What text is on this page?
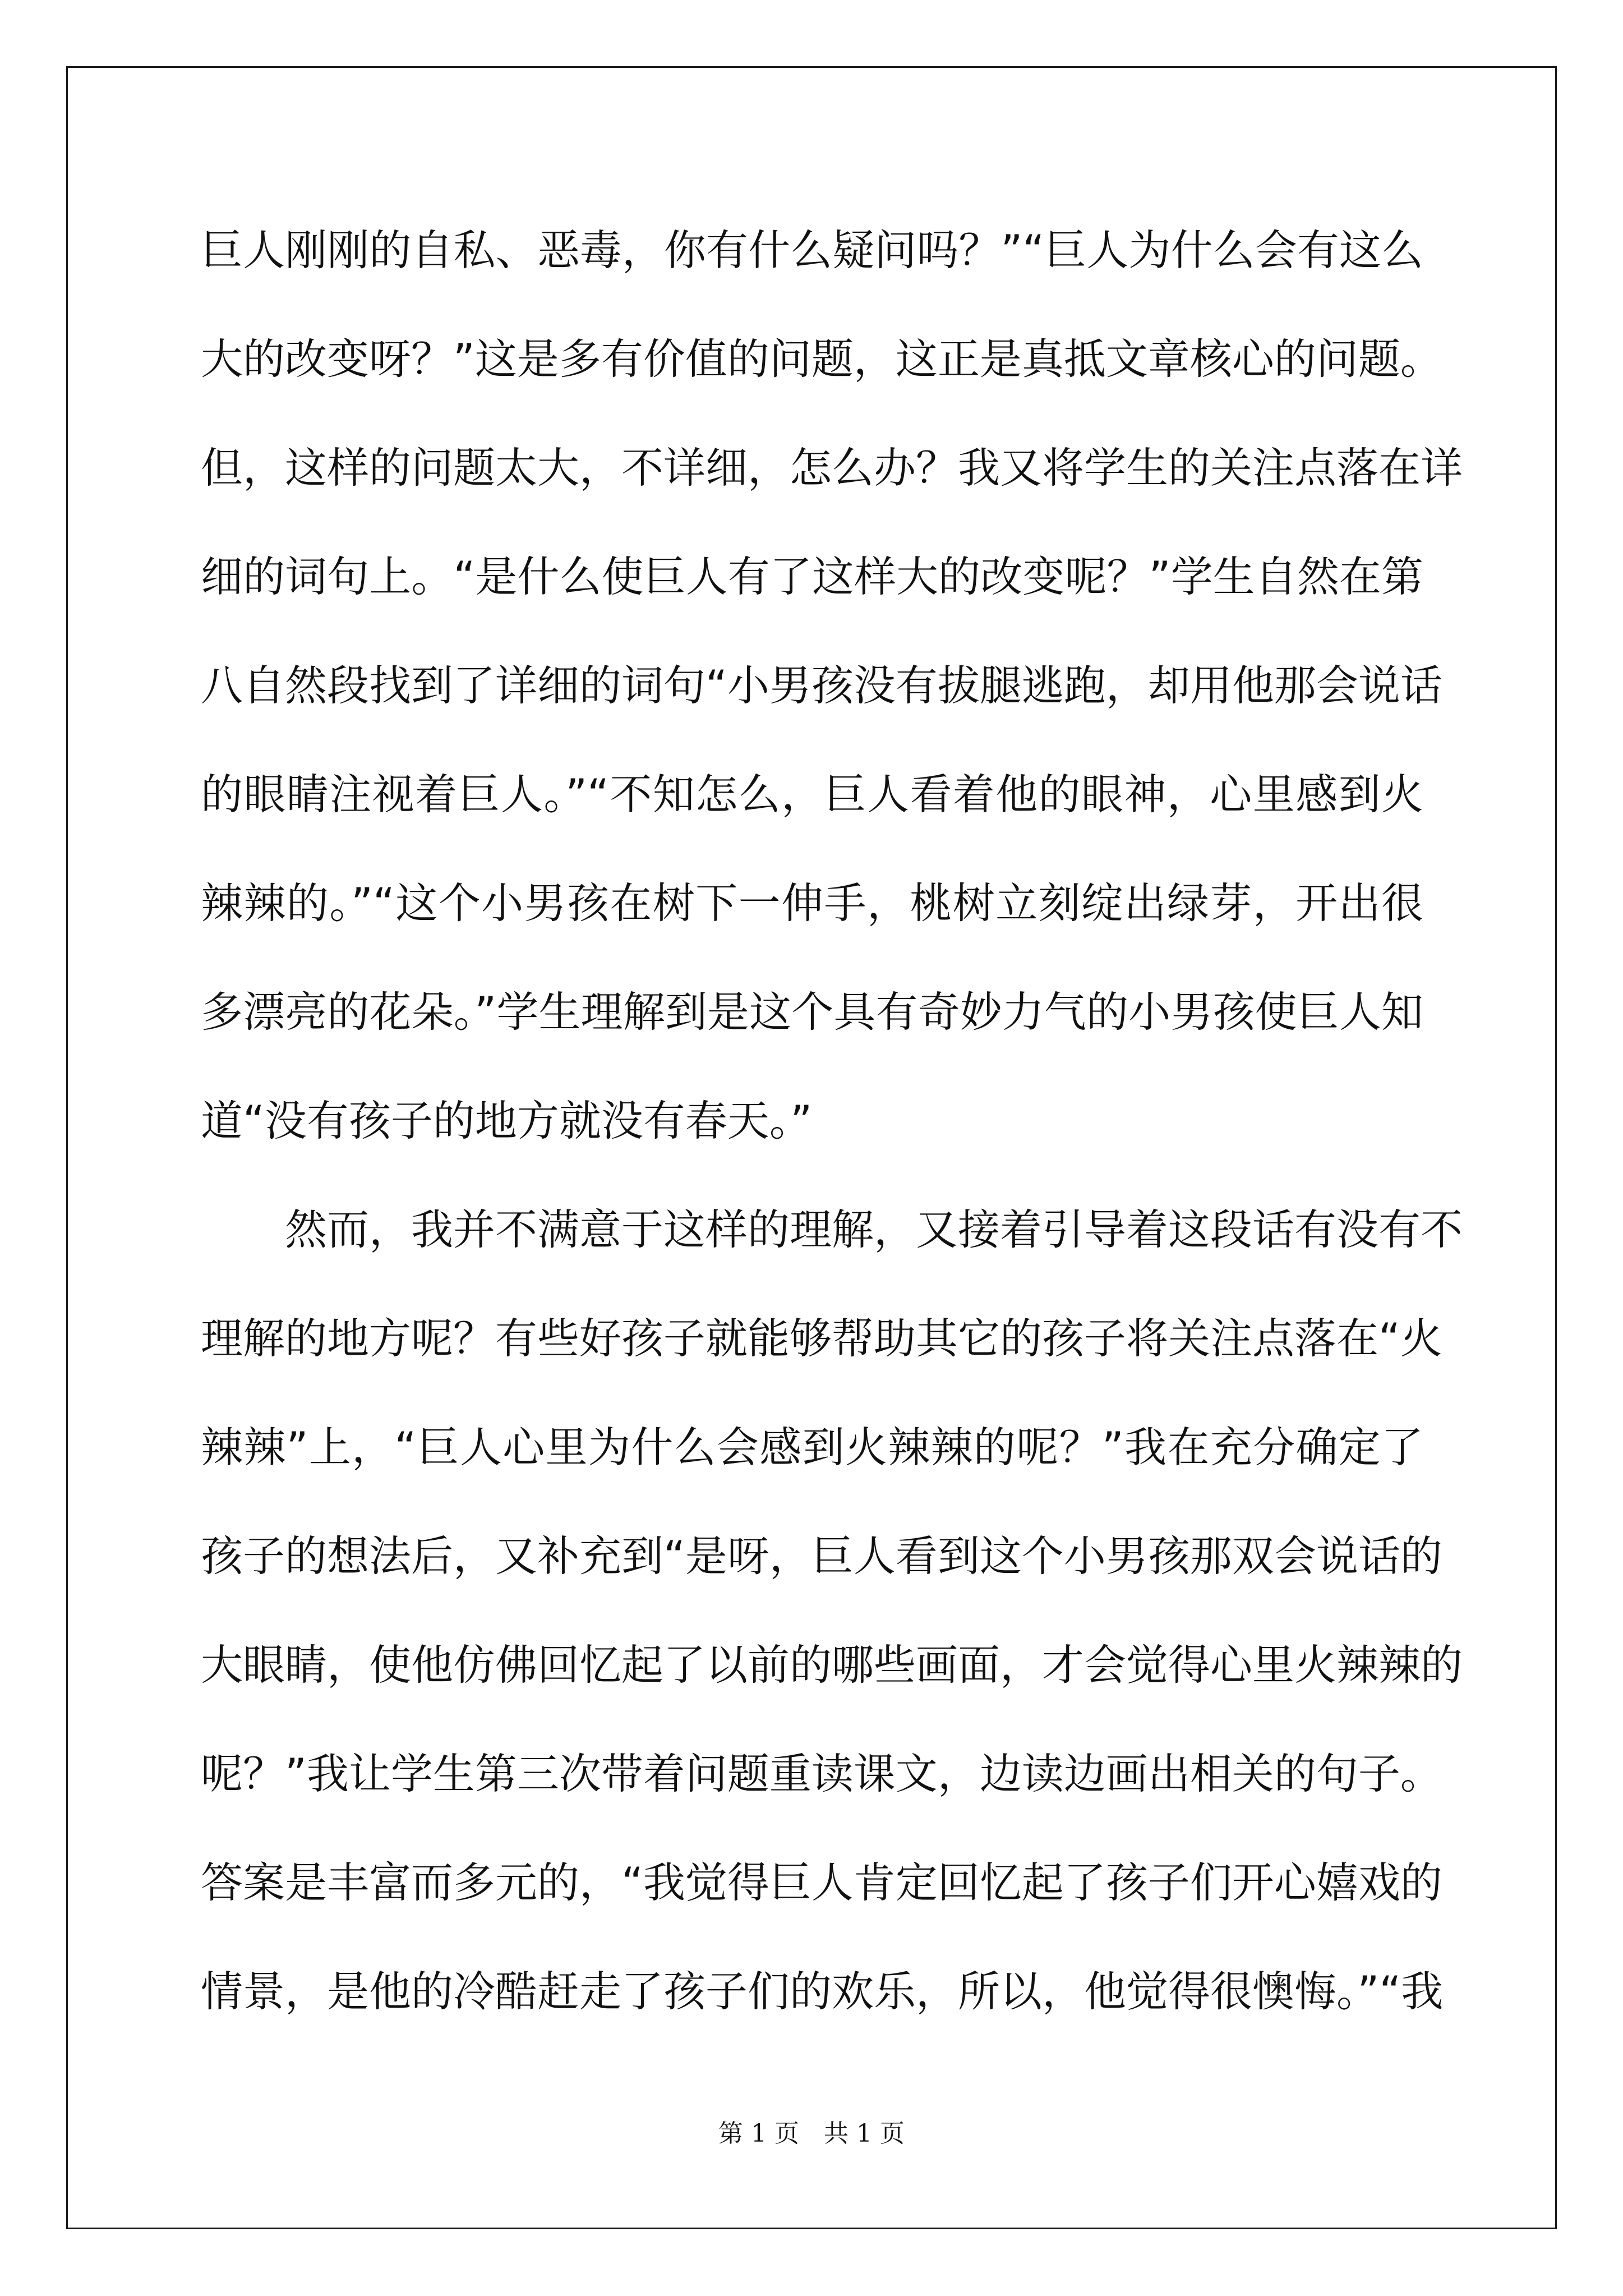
巨人刚刚的自私、恶毒，你有什么疑问吗？”“巨人为什么会有这么
大的改变呀？”这是多有价值的问题，这正是真抵文章核心的问题。
但，这样的问题太大，不详细，怎么办？我又将学生的关注点落在详
细的词句上。“是什么使巨人有了这样大的改变呢？”学生自然在第
八自然段找到了详细的词句“小男孩没有拔腿逃跑，却用他那会说话
的眼睛注视着巨人。”“不知怎么，巨人看着他的眼神，心里感到火
辣辣的。”“这个小男孩在树下一伸手，桃树立刻绽出绿芽，开出很
多漂亮的花朵。”学生理解到是这个具有奇妙力气的小男孩使巨人知
道“没有孩子的地方就没有春天。”
　　然而，我并不满意于这样的理解，又接着引导着这段话有没有不
理解的地方呢？有些好孩子就能够帮助其它的孩子将关注点落在“火
辣辣”上，“巨人心里为什么会感到火辣辣的呢？”我在充分确定了
孩子的想法后，又补充到“是呀，巨人看到这个小男孩那双会说话的
大眼睛，使他仿佛回忆起了以前的哪些画面，才会觉得心里火辣辣的
呢？”我让学生第三次带着问题重读课文，边读边画出相关的句子。
答案是丰富而多元的，“我觉得巨人肯定回忆起了孩子们开心嬉戏的
情景，是他的冷酷赶走了孩子们的欢乐，所以，他觉得很懊悔。”“我
第 1 页　共 1 页
